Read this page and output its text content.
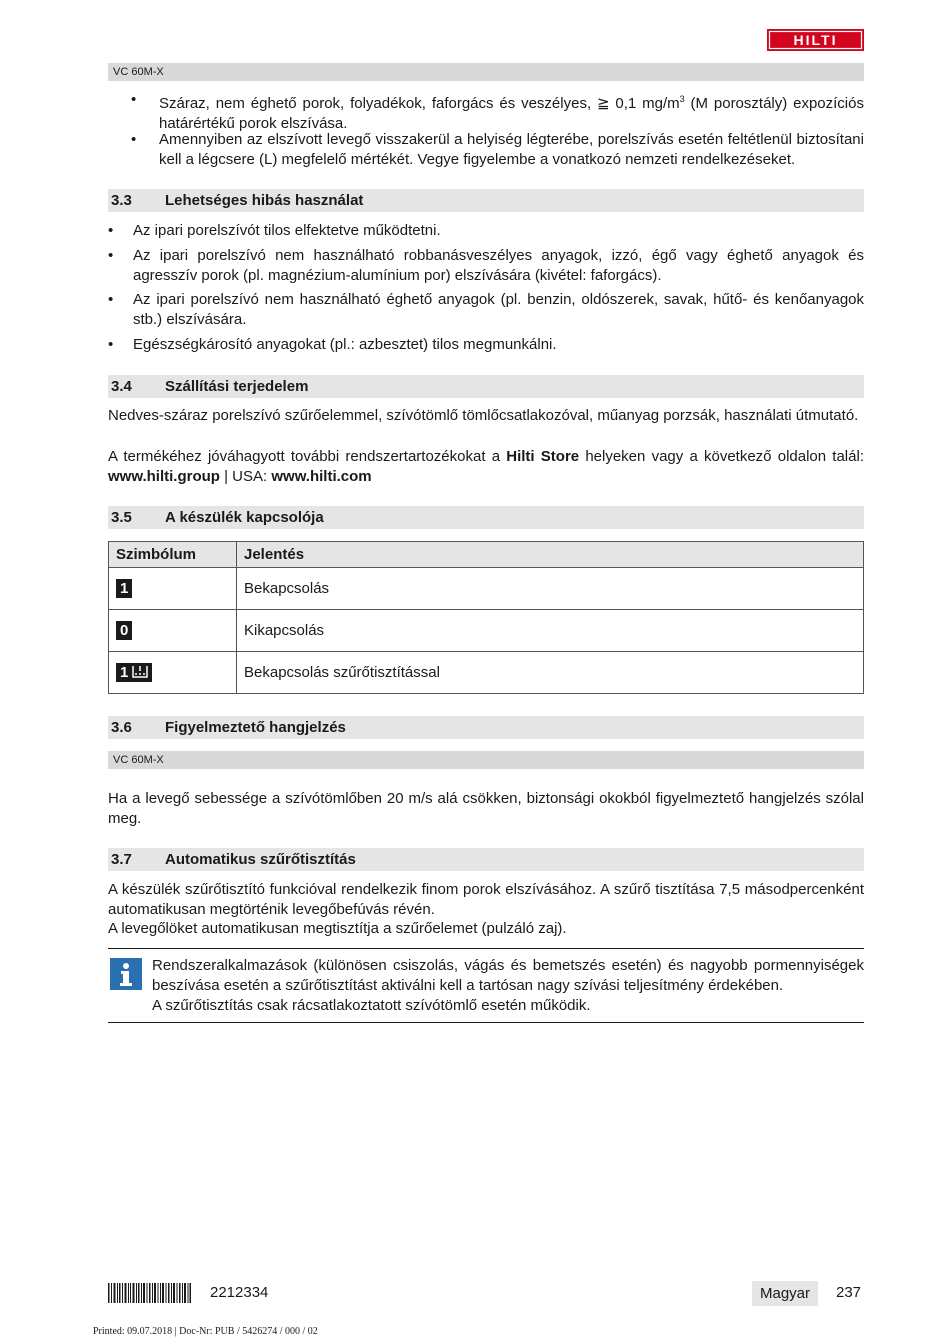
HILTI
VC 60M-X
•	Száraz, nem éghető porok, folyadékok, faforgács és veszélyes, ≧ 0,1 $mg/m^3$ (M porosztály) expozíciós határértékű porok elszívása.
•	Amennyiben az elszívott levegő visszakerül a helyiség légterébe, porelszívás esetén feltétlenül biztosítani kell a légcsere (L) megfelelő mértékét. Vegye figyelembe a vonatkozó nemzeti rendelkezéseket.
3.3 Lehetséges hibás használat
•	Az ipari porelszívót tilos elfektetve működtetni.
•	Az ipari porelszívó nem használható robbanásveszélyes anyagok, izzó, égő vagy éghető anyagok és agresszív porok (pl. magnézium-alumínium por) elszívására (kivétel: faforgács).
•	Az ipari porelszívó nem használható éghető anyagok (pl. benzin, oldószerek, savak, hűtő- és kenőanyagok stb.) elszívására.
•	Egészségkárosító anyagokat (pl.: azbesztet) tilos megmunkálni.
3.4 Szállítási terjedelem
Nedves-száraz porelszívó szűrőelemmel, szívótömlő tömlőcsatlakozóval, műanyag porzsák, használati útmutató.
A termékéhez jóváhagyott további rendszertartozékokat a Hilti Store helyeken vagy a következő oldalon talál: www.hilti.group | USA: www.hilti.com
3.5 A készülék kapcsolója
Szimbólum	Jelentés
1	Bekapcsolás
0	Kikapcsolás
1	Bekapcsolás szűrőtisztítással
3.6 Figyelmeztető hangjelzés
VC 60M-X
Ha a levegő sebessége a szívótömlőben 20 m/s alá csökken, biztonsági okokból figyelmeztető hangjelzés szólal meg.
3.7 Automatikus szűrőtisztítás
A készülék szűrőtisztító funkcióval rendelkezik finom porok elszívásához. A szűrő tisztítása 7,5 másodpercenként automatikusan megtörténik levegőbefúvás révén.
A levegőlöket automatikusan megtisztítja a szűrőelemet (pulzáló zaj).
Rendszeralkalmazások (különösen csiszolás, vágás és bemetszés esetén) és nagyobb pormennyiségek beszívása esetén a szűrőtisztítást aktiválni kell a tartósan nagy szívási teljesítmény érdekében.
A szűrőtisztítás csak rácsatlakoztatott szívótömlő esetén működik.
2212334	Magyar	237
Printed: 09.07.2018 | Doc-Nr: PUB / 5426274 / 000 / 02
